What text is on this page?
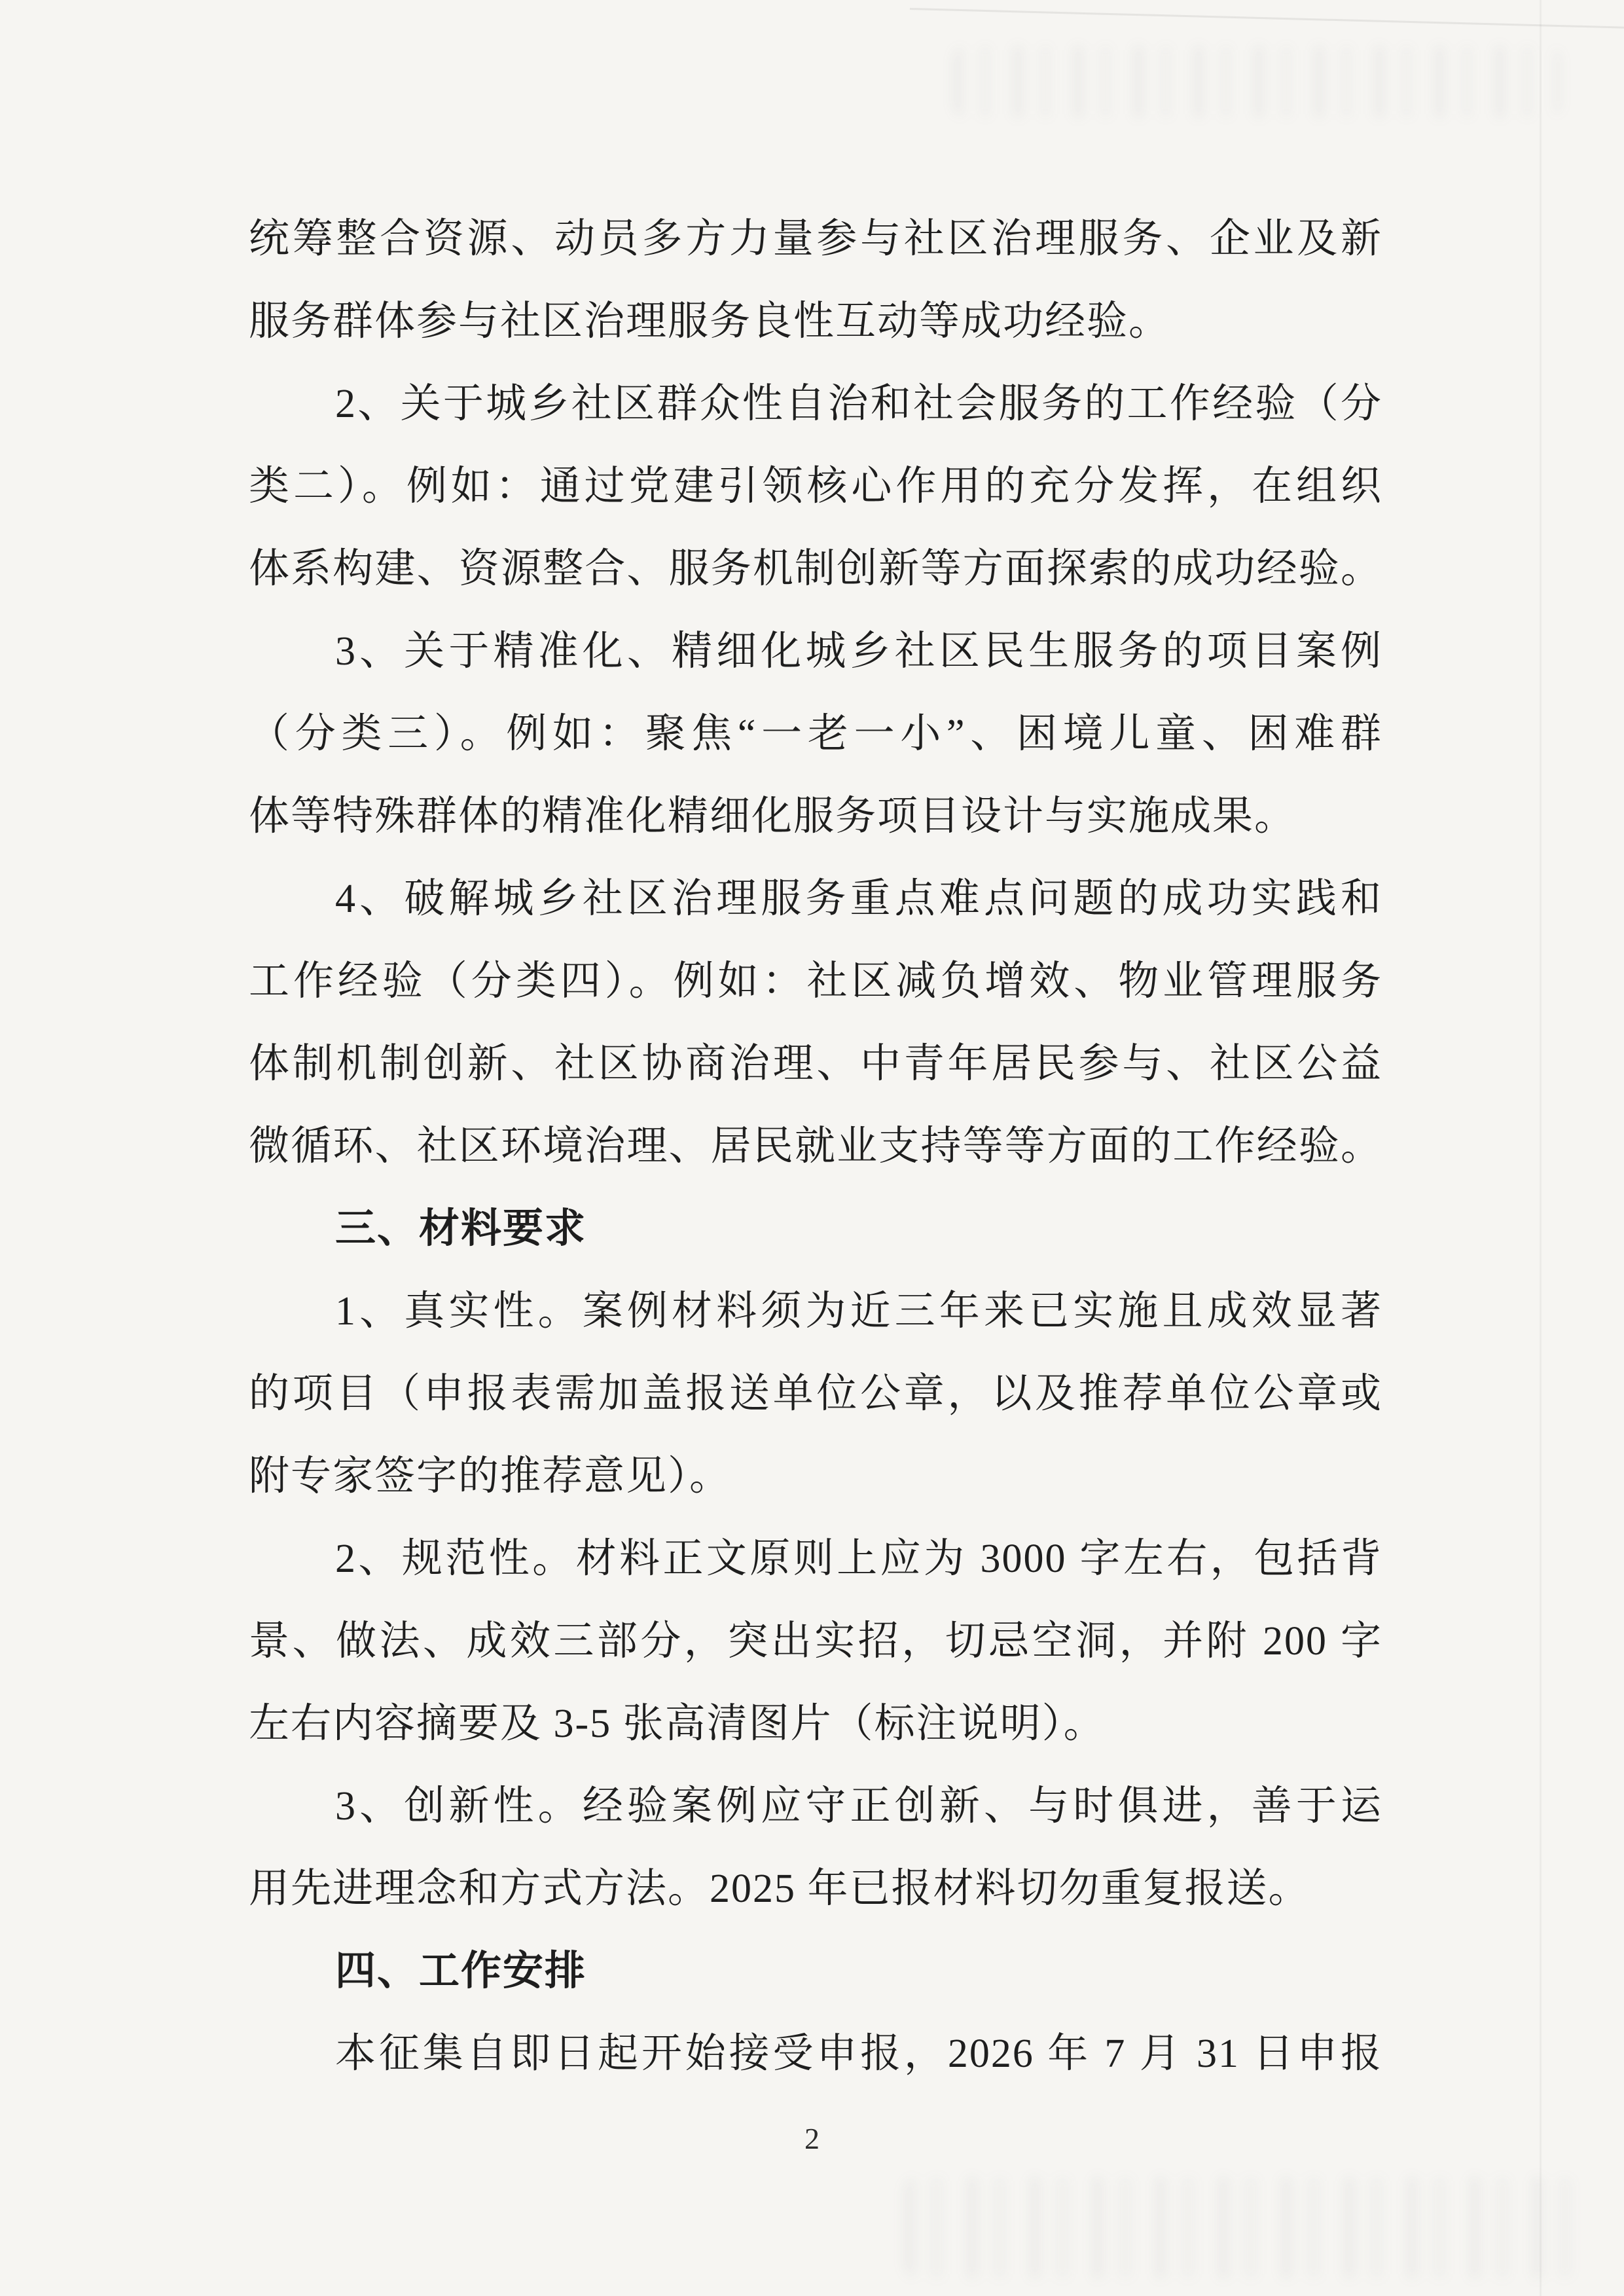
统筹整合资源、动员多方力量参与社区治理服务、企业及新
服务群体参与社区治理服务良性互动等成功经验。
2、关于城乡社区群众性自治和社会服务的工作经验（分
类二）。例如：通过党建引领核心作用的充分发挥，在组织
体系构建、资源整合、服务机制创新等方面探索的成功经验。
3、关于精准化、精细化城乡社区民生服务的项目案例
（分类三）。例如：聚焦“一老一小”、困境儿童、困难群
体等特殊群体的精准化精细化服务项目设计与实施成果。
4、破解城乡社区治理服务重点难点问题的成功实践和
工作经验（分类四）。例如：社区减负增效、物业管理服务
体制机制创新、社区协商治理、中青年居民参与、社区公益
微循环、社区环境治理、居民就业支持等等方面的工作经验。
三、材料要求
1、真实性。案例材料须为近三年来已实施且成效显著
的项目（申报表需加盖报送单位公章，以及推荐单位公章或
附专家签字的推荐意见）。
2、规范性。材料正文原则上应为 3000 字左右，包括背
景、做法、成效三部分，突出实招，切忌空洞，并附 200 字
左右内容摘要及 3-5 张高清图片（标注说明）。
3、创新性。经验案例应守正创新、与时俱进，善于运
用先进理念和方式方法。2025 年已报材料切勿重复报送。
四、工作安排
本征集自即日起开始接受申报，2026 年 7 月 31 日申报
2
